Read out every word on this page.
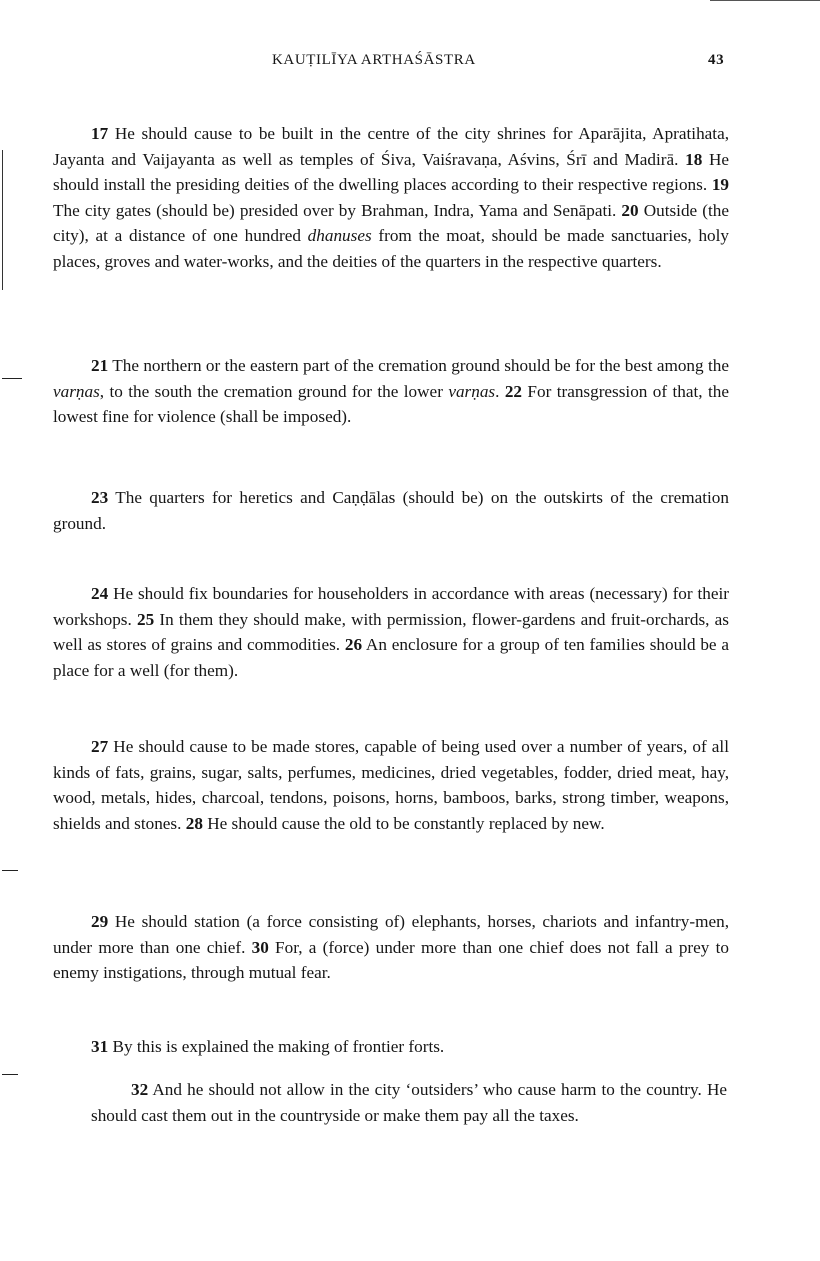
KAUṬILĪYA ARTHAŚĀSTRA	43

17 He should cause to be built in the centre of the city shrines for Aparājita, Apratihata, Jayanta and Vaijayanta as well as temples of Śiva, Vaiśravaṇa, Aśvins, Śrī and Madirā. 18 He should install the presiding deities of the dwelling places according to their respective regions. 19 The city gates (should be) presided over by Brahman, Indra, Yama and Senāpati. 20 Outside (the city), at a distance of one hundred dhanuses from the moat, should be made sanctuaries, holy places, groves and water-works, and the deities of the quarters in the respective quarters.

21 The northern or the eastern part of the cremation ground should be for the best among the varṇas, to the south the cremation ground for the lower varṇas. 22 For transgression of that, the lowest fine for violence (shall be imposed).

23 The quarters for heretics and Caṇḍālas (should be) on the outskirts of the cremation ground.

24 He should fix boundaries for householders in accordance with areas (necessary) for their workshops. 25 In them they should make, with permission, flower-gardens and fruit-orchards, as well as stores of grains and commodities. 26 An enclosure for a group of ten families should be a place for a well (for them).

27 He should cause to be made stores, capable of being used over a number of years, of all kinds of fats, grains, sugar, salts, perfumes, medicines, dried vegetables, fodder, dried meat, hay, wood, metals, hides, charcoal, tendons, poisons, horns, bamboos, barks, strong timber, weapons, shields and stones. 28 He should cause the old to be constantly replaced by new.

29 He should station (a force consisting of) elephants, horses, chariots and infantry-men, under more than one chief. 30 For, a (force) under more than one chief does not fall a prey to enemy instigations, through mutual fear.

31 By this is explained the making of frontier forts.

32 And he should not allow in the city ‘outsiders’ who cause harm to the country. He should cast them out in the countryside or make them pay all the taxes.
